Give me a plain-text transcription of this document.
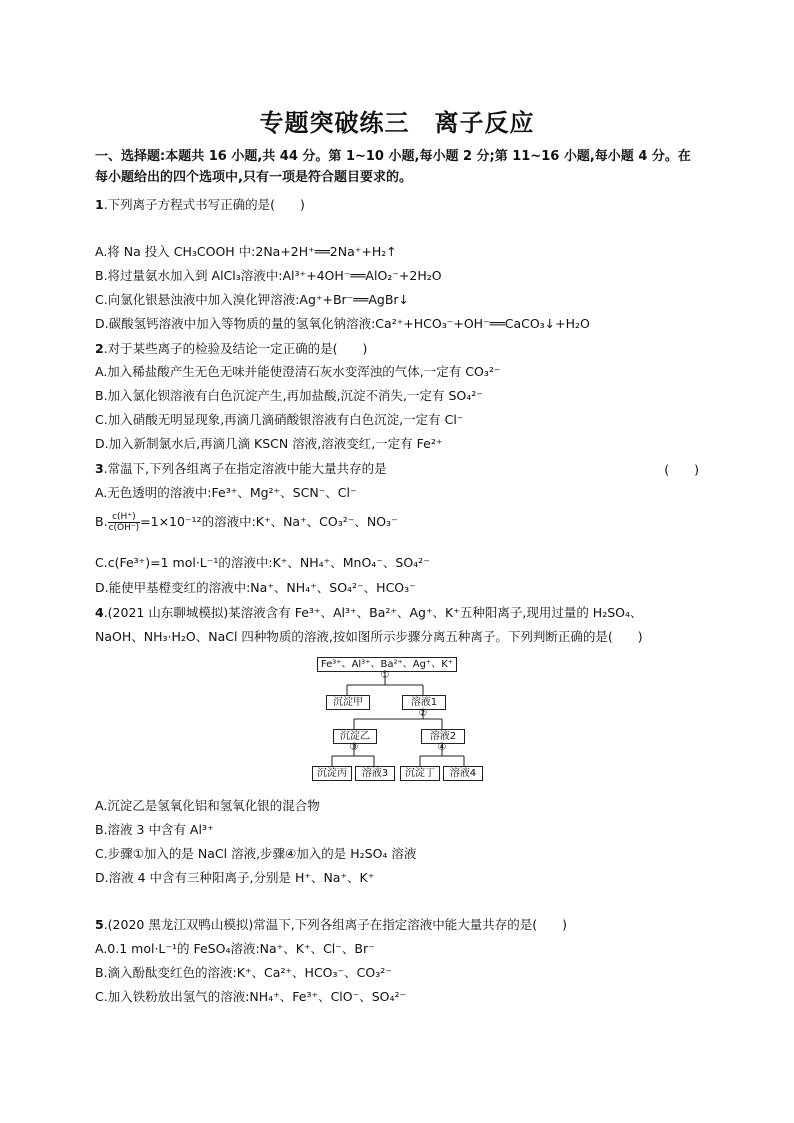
专题突破练三　离子反应
一、选择题:本题共 16 小题,共 44 分。第 1~10 小题,每小题 2 分;第 11~16 小题,每小题 4 分。在每小题给出的四个选项中,只有一项是符合题目要求的。
1.下列离子方程式书写正确的是(　　)
A.将 Na 投入 CH₃COOH 中:2Na+2H⁺══2Na⁺+H₂↑
B.将过量氨水加入到 AlCl₃溶液中:Al³⁺+4OH⁻══AlO₂⁻+2H₂O
C.向氯化银悬浊液中加入溴化钾溶液:Ag⁺+Br⁻══AgBr↓
D.碳酸氢钙溶液中加入等物质的量的氢氧化钠溶液:Ca²⁺+HCO₃⁻+OH⁻══CaCO₃↓+H₂O
2.对于某些离子的检验及结论一定正确的是(　　)
A.加入稀盐酸产生无色无味并能使澄清石灰水变浑浊的气体,一定有 CO₃²⁻
B.加入氯化钡溶液有白色沉淀产生,再加盐酸,沉淀不消失,一定有 SO₄²⁻
C.加入硝酸无明显现象,再滴几滴硝酸银溶液有白色沉淀,一定有 Cl⁻
D.加入新制氯水后,再滴几滴 KSCN 溶液,溶液变红,一定有 Fe²⁺
3.常温下,下列各组离子在指定溶液中能大量共存的是	(　　)
A.无色透明的溶液中:Fe³⁺、Mg²⁺、SCN⁻、Cl⁻
B. $\frac{c(H^+)}{c(OH^-)} =1\times 10^{-12}$的溶液中:K⁺、Na⁺、CO₃²⁻、NO₃⁻
C.c(Fe³⁺)=1 mol·L⁻¹的溶液中:K⁺、NH₄⁺、MnO₄⁻、SO₄²⁻
D.能使甲基橙变红的溶液中:Na⁺、NH₄⁺、SO₄²⁻、HCO₃⁻
4.(2021 山东聊城模拟)某溶液含有 Fe³⁺、Al³⁺、Ba²⁺、Ag⁺、K⁺五种阳离子,现用过量的 H₂SO₄、
NaOH、NH₃·H₂O、NaCl 四种物质的溶液,按如图所示步骤分离五种离子。下列判断正确的是(　　)
Fe³⁺、Al³⁺、Ba²⁺、Ag⁺、K⁺
①
沉淀甲	溶液1
②
沉淀乙	溶液2
③	④
沉淀丙	溶液3	沉淀丁	溶液4
A.沉淀乙是氢氧化铝和氢氧化银的混合物
B.溶液 3 中含有 Al³⁺
C.步骤①加入的是 NaCl 溶液,步骤④加入的是 H₂SO₄ 溶液
D.溶液 4 中含有三种阳离子,分别是 H⁺、Na⁺、K⁺
5.(2020 黑龙江双鸭山模拟)常温下,下列各组离子在指定溶液中能大量共存的是(　　)
A.0.1 mol·L⁻¹的 FeSO₄溶液:Na⁺、K⁺、Cl⁻、Br⁻
B.滴入酚酞变红色的溶液:K⁺、Ca²⁺、HCO₃⁻、CO₃²⁻
C.加入铁粉放出氢气的溶液:NH₄⁺、Fe³⁺、ClO⁻、SO₄²⁻
